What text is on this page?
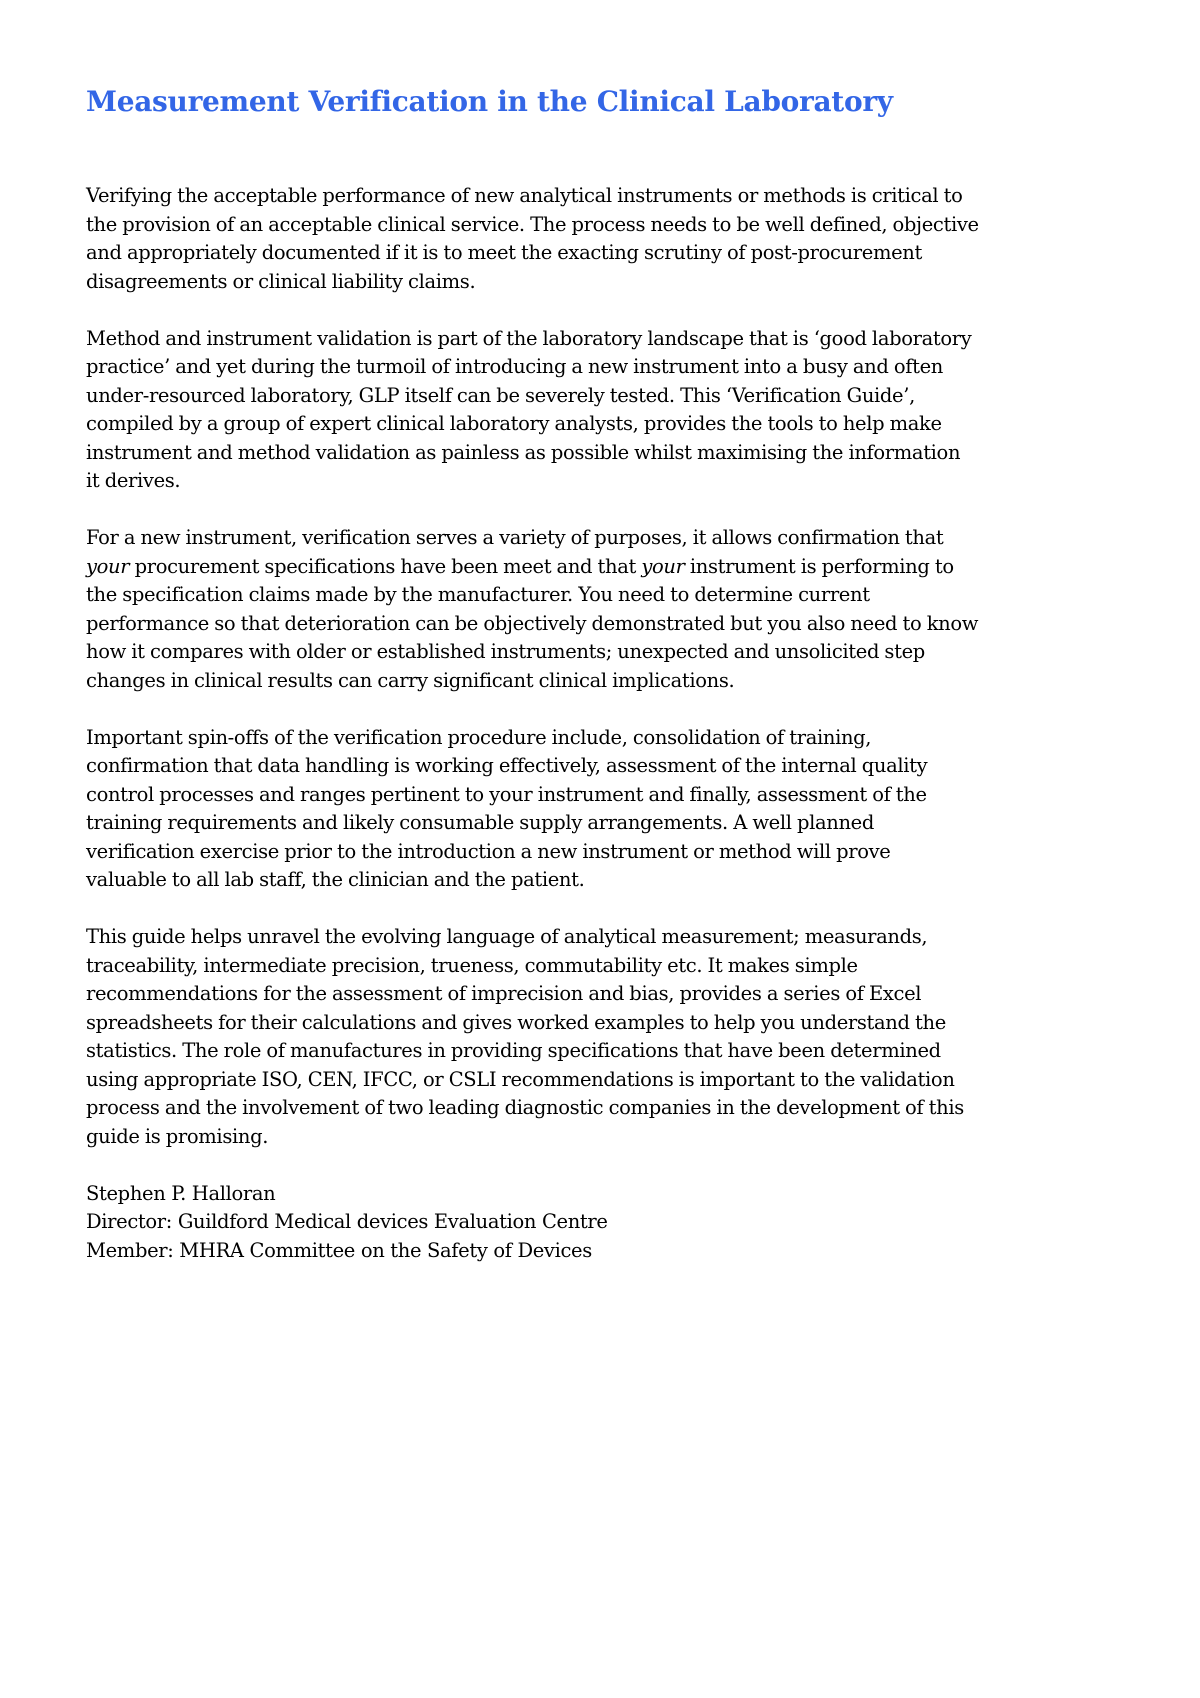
Measurement Verification in the Clinical Laboratory

Verifying the acceptable performance of new analytical instruments or methods is critical to
the provision of an acceptable clinical service. The process needs to be well defined, objective
and appropriately documented if it is to meet the exacting scrutiny of post-procurement
disagreements or clinical liability claims.

Method and instrument validation is part of the laboratory landscape that is ‘good laboratory
practice’ and yet during the turmoil of introducing a new instrument into a busy and often
under-resourced laboratory, GLP itself can be severely tested. This ‘Verification Guide’,
compiled by a group of expert clinical laboratory analysts, provides the tools to help make
instrument and method validation as painless as possible whilst maximising the information
it derives.

For a new instrument, verification serves a variety of purposes, it allows confirmation that
your procurement specifications have been meet and that your instrument is performing to
the specification claims made by the manufacturer. You need to determine current
performance so that deterioration can be objectively demonstrated but you also need to know
how it compares with older or established instruments; unexpected and unsolicited step
changes in clinical results can carry significant clinical implications.

Important spin-offs of the verification procedure include, consolidation of training,
confirmation that data handling is working effectively, assessment of the internal quality
control processes and ranges pertinent to your instrument and finally, assessment of the
training requirements and likely consumable supply arrangements. A well planned
verification exercise prior to the introduction a new instrument or method will prove
valuable to all lab staff, the clinician and the patient.

This guide helps unravel the evolving language of analytical measurement; measurands,
traceability, intermediate precision, trueness, commutability etc. It makes simple
recommendations for the assessment of imprecision and bias, provides a series of Excel
spreadsheets for their calculations and gives worked examples to help you understand the
statistics. The role of manufactures in providing specifications that have been determined
using appropriate ISO, CEN, IFCC, or CSLI recommendations is important to the validation
process and the involvement of two leading diagnostic companies in the development of this
guide is promising.

Stephen P. Halloran
Director: Guildford Medical devices Evaluation Centre
Member: MHRA Committee on the Safety of Devices
